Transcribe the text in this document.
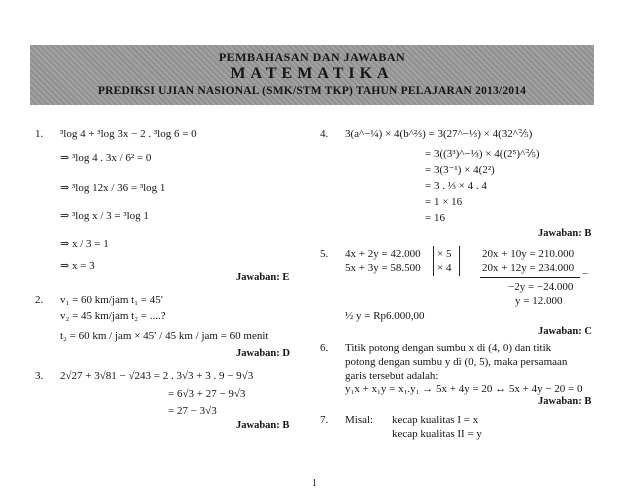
PEMBAHASAN DAN JAWABAN
MATEMATIKA
PREDIKSI UJIAN NASIONAL (SMK/STM TKP) TAHUN PELAJARAN 2013/2014
1. ³log 4 + ³log 3x − 2 . ³log 6 = 0
⇒ ³log 4 . 3x / 6² = 0
⇒ ³log 12x / 36 = ³log 1
⇒ ³log x / 3 = ³log 1
⇒ x / 3 = 1
⇒ x = 3
Jawaban: E
2. v₁ = 60 km/jam t₁ = 45′
v₂ = 45 km/jam t₂ = ....?
t₂ = 60 km / jam × 45′ / 45 km / jam = 60 menit
Jawaban: D
3. 2√27 + 3√81 − √243 = 2 . 3√3 + 3 . 9 − 9√3
= 6√3 + 27 − 9√3
= 27 − 3√3
Jawaban: B
4. 3(a^−¼) × 4(b^⅔) = 3(27^−⅓) × 4(32^⅖)
= 3((3³)^−⅓) × 4((2⁵)^⅖)
= 3(3⁻¹) × 4(2²)
= 3 . ⅓ × 4 . 4
= 1 × 16
= 16
Jawaban: B
5. 4x + 2y = 42.000
5x + 3y = 58.500
× 5
× 4
20x + 10y = 210.000
20x + 12y = 234.000 −
−2y = −24.000
y = 12.000
½ y = Rp6.000,00
Jawaban: C
6. Titik potong dengan sumbu x di (4, 0) dan titik
potong dengan sumbu y di (0, 5), maka persamaan
garis tersebut adalah:
y₁x + x₁y = x₁.y₁ → 5x + 4y = 20 ↔ 5x + 4y − 20 = 0
Jawaban: B
7. Misal: kecap kualitas I = x
kecap kualitas II = y
1
